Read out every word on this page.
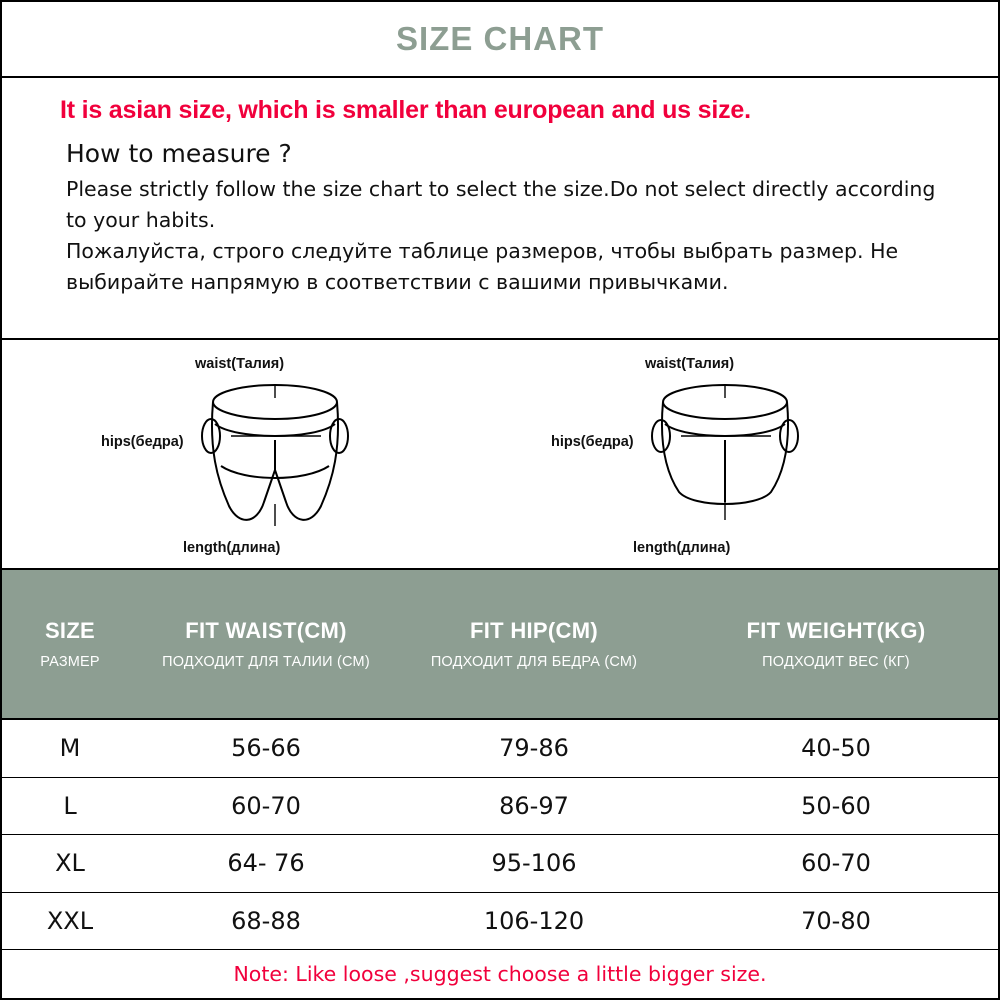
SIZE CHART
It is asian size, which is smaller than european and us size.
How to measure ?
Please strictly follow the size chart to select the size.Do not select directly according
to your habits.
Пожалуйста, строго следуйте таблице размеров, чтобы выбрать размер. Не
выбирайте напрямую в соответствии с вашими привычками.
waist(Талия)
hips(бедра)
length(длина)
waist(Талия)
hips(бедра)
length(длина)
SIZE
РАЗМЕР
FIT WAIST(CM)
ПОДХОДИТ ДЛЯ ТАЛИИ (СМ)
FIT HIP(CM)
ПОДХОДИТ ДЛЯ БЕДРА (СМ)
FIT WEIGHT(KG)
ПОДХОДИТ ВЕС (КГ)
M	56-66	79-86	40-50
L	60-70	86-97	50-60
XL	64- 76	95-106	60-70
XXL	68-88	106-120	70-80
Note: Like loose ,suggest choose a little bigger size.
